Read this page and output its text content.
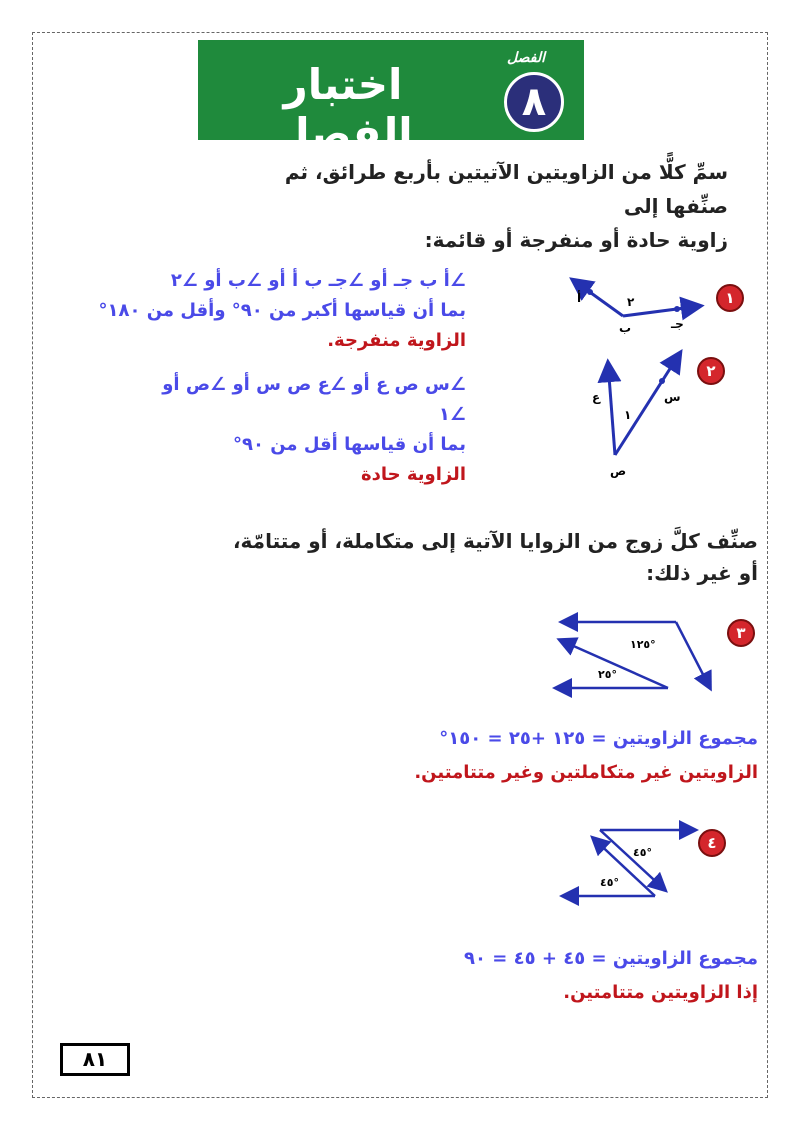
اختبار الفصل
الفصل
٨
سمِّ كلًّا من الزاويتين الآتيتين بأربع طرائق، ثم صنِّفها إلى
زاوية حادة أو منفرجة أو قائمة:
١
أ
ب	جـ
٢
∠أ ب جـ أو ∠جـ ب أ أو ∠ب أو ∠٢
بما أن قياسها أكبر من ٩٠° وأقل من ١٨٠°
الزاوية منفرجة.
٢
س
ع
ص
١
∠س ص ع أو ∠ع ص س أو ∠ص أو
∠١
بما أن قياسها أقل من ٩٠°
الزاوية حادة
صنِّف كلَّ زوج من الزوايا الآتية إلى متكاملة، أو متتامّة،
أو غير ذلك:
٣
١٢٥°
٢٥°
مجموع الزاويتين = ١٢٥ +٢٥ = ١٥٠°
الزاويتين غير متكاملتين وغير متتامتين.
٤
٤٥°
٤٥°
مجموع الزاويتين = ٤٥ + ٤٥ = ٩٠
إذا الزاويتين متتامتين.
٨١
